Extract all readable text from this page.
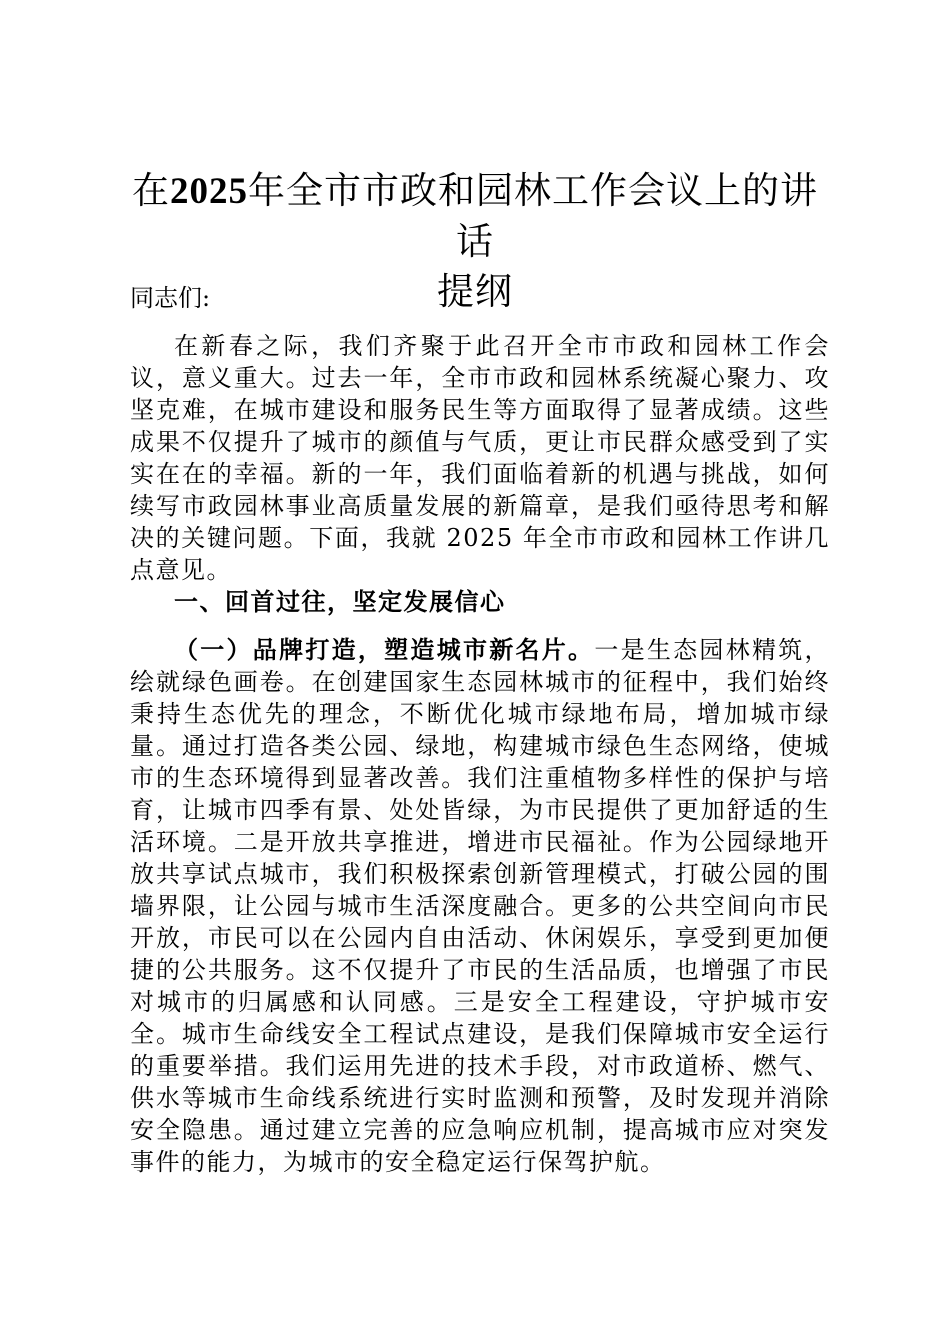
在2025年全市市政和园林工作会议上的讲话
提纲
同志们:
在新春之际，我们齐聚于此召开全市市政和园林工作会议，意义重大。过去一年，全市市政和园林系统凝心聚力、攻坚克难，在城市建设和服务民生等方面取得了显著成绩。这些成果不仅提升了城市的颜值与气质，更让市民群众感受到了实实在在的幸福。新的一年，我们面临着新的机遇与挑战，如何续写市政园林事业高质量发展的新篇章，是我们亟待思考和解决的关键问题。下面，我就 2025 年全市市政和园林工作讲几点意见。
一、回首过往，坚定发展信心
（一）品牌打造，塑造城市新名片。一是生态园林精筑，绘就绿色画卷。在创建国家生态园林城市的征程中，我们始终秉持生态优先的理念，不断优化城市绿地布局，增加城市绿量。通过打造各类公园、绿地，构建城市绿色生态网络，使城市的生态环境得到显著改善。我们注重植物多样性的保护与培育，让城市四季有景、处处皆绿，为市民提供了更加舒适的生活环境。二是开放共享推进，增进市民福祉。作为公园绿地开放共享试点城市，我们积极探索创新管理模式，打破公园的围墙界限，让公园与城市生活深度融合。更多的公共空间向市民开放，市民可以在公园内自由活动、休闲娱乐，享受到更加便捷的公共服务。这不仅提升了市民的生活品质，也增强了市民对城市的归属感和认同感。三是安全工程建设，守护城市安全。城市生命线安全工程试点建设，是我们保障城市安全运行的重要举措。我们运用先进的技术手段，对市政道桥、燃气、供水等城市生命线系统进行实时监测和预警，及时发现并消除安全隐患。通过建立完善的应急响应机制，提高城市应对突发事件的能力，为城市的安全稳定运行保驾护航。
